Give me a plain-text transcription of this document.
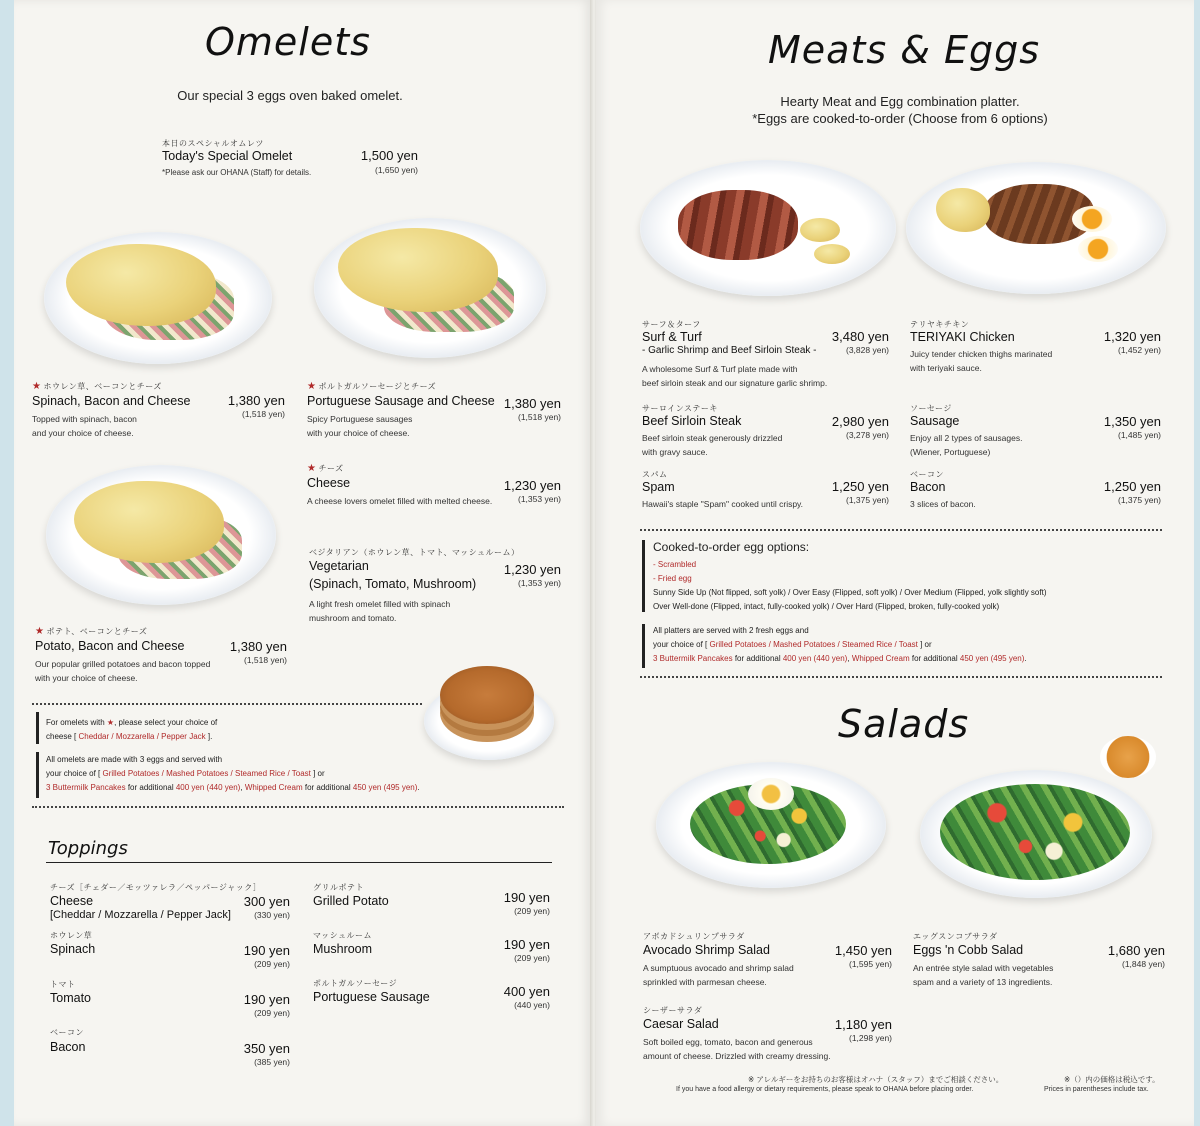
Omelets
Our special 3 eggs oven baked omelet.
本日のスペシャルオムレツ
Today's Special Omelet
*Please ask our OHANA (Staff) for details.
1,500 yen
(1,650 yen)
★ ホウレン草、ベーコンとチーズ
Spinach, Bacon and Cheese
Topped with spinach, bacon
and your choice of cheese.
1,380 yen
(1,518 yen)
★ ポルトガルソーセージとチーズ
Portuguese Sausage and Cheese
Spicy Portuguese sausages
with your choice of cheese.
1,380 yen
(1,518 yen)
★ チーズ
Cheese
A cheese lovers omelet filled with melted cheese.
1,230 yen
(1,353 yen)
ベジタリアン（ホウレン草、トマト、マッシュルーム）
Vegetarian
(Spinach, Tomato, Mushroom)
A light fresh omelet filled with spinach
mushroom and tomato.
1,230 yen
(1,353 yen)
★ ポテト、ベーコンとチーズ
Potato, Bacon and Cheese
Our popular grilled potatoes and bacon topped
with your choice of cheese.
1,380 yen
(1,518 yen)
For omelets with ★, please select your choice of
cheese [ Cheddar / Mozzarella / Pepper Jack ].
All omelets are made with 3 eggs and served with
your choice of [ Grilled Potatoes / Mashed Potatoes / Steamed Rice / Toast ] or
3 Buttermilk Pancakes for additional 400 yen (440 yen), Whipped Cream for additional 450 yen (495 yen).
Toppings
チーズ［チェダー／モッツァレラ／ペッパージャック］
Cheese
[Cheddar / Mozzarella / Pepper Jack]
300 yen
(330 yen)
ホウレン草
Spinach	190 yen
(209 yen)
トマト
Tomato	190 yen
(209 yen)
ベーコン
Bacon	350 yen
(385 yen)
グリルポテト
Grilled Potato	190 yen
(209 yen)
マッシュルーム
Mushroom	190 yen
(209 yen)
ポルトガルソーセージ
Portuguese Sausage	400 yen
(440 yen)
Meats & Eggs
Hearty Meat and Egg combination platter.
*Eggs are cooked-to-order (Choose from 6 options)
サーフ＆ターフ
Surf & Turf
- Garlic Shrimp and Beef Sirloin Steak -
A wholesome Surf & Turf plate made with
beef sirloin steak and our signature garlic shrimp.
3,480 yen
(3,828 yen)
テリヤキチキン
TERIYAKI Chicken
Juicy tender chicken thighs marinated
with teriyaki sauce.
1,320 yen
(1,452 yen)
サーロインステーキ
Beef Sirloin Steak
Beef sirloin steak generously drizzled
with gravy sauce.
2,980 yen
(3,278 yen)
ソーセージ
Sausage
Enjoy all 2 types of sausages.
(Wiener, Portuguese)
1,350 yen
(1,485 yen)
スパム
Spam
Hawaii's staple "Spam" cooked until crispy.
1,250 yen
(1,375 yen)
ベーコン
Bacon
3 slices of bacon.
1,250 yen
(1,375 yen)
Cooked-to-order egg options:
- Scrambled
- Fried egg
Sunny Side Up (Not flipped, soft yolk) / Over Easy (Flipped, soft yolk) / Over Medium (Flipped, yolk slightly soft)
Over Well-done (Flipped, intact, fully-cooked yolk) / Over Hard (Flipped, broken, fully-cooked yolk)
All platters are served with 2 fresh eggs and
your choice of [ Grilled Potatoes / Mashed Potatoes / Steamed Rice / Toast ] or
3 Buttermilk Pancakes for additional 400 yen (440 yen), Whipped Cream for additional 450 yen (495 yen).
Salads
アボカドシュリンプサラダ
Avocado Shrimp Salad
A sumptuous avocado and shrimp salad
sprinkled with parmesan cheese.
1,450 yen
(1,595 yen)
エッグスンコブサラダ
Eggs 'n Cobb Salad
An entrée style salad with vegetables
spam and a variety of 13 ingredients.
1,680 yen
(1,848 yen)
シーザーサラダ
Caesar Salad
Soft boiled egg, tomato, bacon and generous
amount of cheese. Drizzled with creamy dressing.
1,180 yen
(1,298 yen)
※ アレルギーをお持ちのお客様はオハナ（スタッフ）までご相談ください。
If you have a food allergy or dietary requirements, please speak to OHANA before placing order.
※（）内の価格は税込です。
Prices in parentheses include tax.
